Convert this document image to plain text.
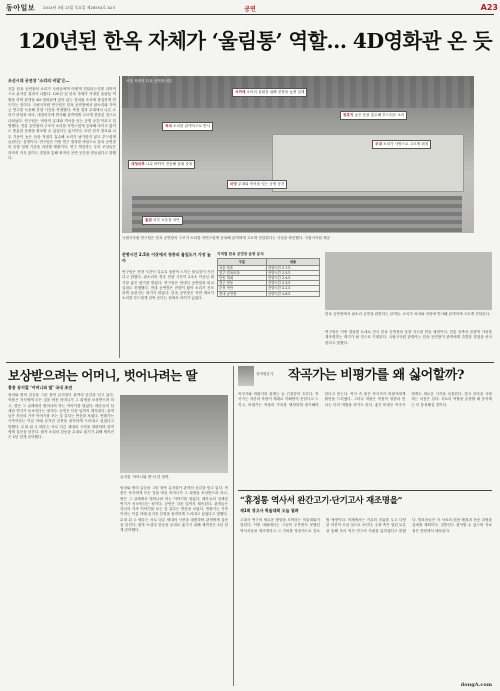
동아일보 2014년 3월 13일 목요일 제28554호 A23	공연	A23
120년된 한옥 자체가 ‘울림통’ 역할… 4D영화관 온 듯
조선시대 공연장 ‘소리의 비밀’은…
전통 한옥 공연장의 소리가 사람들에게 어떻게 전달되는지를 과학적으로 분석한 결과가 나왔다. 120년 된 한옥 자체가 거대한 울림통 역할을 하며 관객을 4D 영화관에 앉아 있는 것처럼 소리에 몰입하게 만든다는 것이다. 국립국악원 연구팀은 한옥 공연장에서 판소리와 가야금 연주를 녹음해 잔향 시간을 측정했다. 측정 결과 무대에서 나온 소리가 마당과 처마, 대청마루에 반사돼 관객에게 고르게 전달된 것으로 나타났다. 연구팀은 ‘마당이 무대와 객석을 잇는 공명 공간’이라고 설명했다. 전통 공연장의 구조가 소리를 자연스럽게 증폭해 마이크 없이도 충분한 음량을 확보할 수 있었다는 분석이다. 또한 한지 창호와 나무 기둥이 높은 음을 적절히 흡수해 소리가 날카롭지 않고 부드럽게 들린다는 설명이다. 연구팀은 이번 연구 결과를 바탕으로 한옥 공연장의 음향 설계 기준을 마련할 계획이다. 연구 책임자는 우리 조상들은 과학적 지식 없이도 경험을 통해 최적의 공연 공간을 만들었다고 말했다.
서울 북촌의 한옥 공연장 내부
서까래 소리의 울림을 위해 천장을 높게 설계
창호지 높은 음을 흡수해 부드러운 소리
처마 소리를 관객석으로 반사
대청마루 나무 바닥이 진동해 울림 증폭
마당 무대와 객석을 잇는 공명 공간
무대 소리가 사방으로 고르게 퍼짐
돌담 외부 소음을 차단
국립국악원 연구팀은 한옥 공연장의 구조가 소리를 자연스럽게 증폭해 관객에게 고르게 전달한다는 사실을 확인했다. 국립국악원 제공
잔향시간 2.5초 이상에서 청중의 몰입도가 가장 높아
연구팀은 잔향 시간이 길수록 청중이 느끼는 몰입감이 커진다고 밝혔다. 판소리의 경우 잔향 시간이 2.5초 이상일 때 가장 좋은 평가를 받았다. 연구팀은 현대식 공연장과 비교 실험도 진행했다. 현대 공연장은 잔향이 짧아 소리가 건조하게 들린다는 평가가 많았다. 한옥 공연장은 자연 재료가 소리를 부드럽게 감싸 준다는 점에서 차이가 있었다.
지역별 한옥 공연장 음향 분석
구분	내용
서울 북촌	잔향시간 2.7초
전주 한옥마을	잔향시간 2.5초
안동 하회	잔향시간 2.4초
경주 양동	잔향시간 2.3초
순천 낙안	잔향시간 2.2초
현대 공연장	잔향시간 1.6초
한옥 공연장에서 판소리 공연을 관람하는 관객들. 소리가 처마와 마당에 반사돼 관객석에 고르게 전달된다.
연구팀은 이번 결과를 토대로 전국 한옥 공연장의 음향 지도를 만들 예정이다. 전통 건축의 음향적 가치를 재조명하는 계기가 될 것으로 기대된다. 국립국악원 관계자는 한옥 공연장이 관객에게 특별한 경험을 선사한다고 말했다.
보상받으려는 어머니, 벗어나려는 딸
홍콩 뮤지컬 ‘어머니와 딸’ 국내 초연
엄마와 딸의 갈등을 그린 창작 뮤지컬이 관객의 공감을 얻고 있다. 작품은 자식에게 모든 것을 바친 어머니가 그 희생을 보상받으려 하고, 딸은 그 굴레에서 벗어나려 하는 이야기를 담았다. 배우들의 섬세한 연기가 돋보인다는 평가다. 공연은 다음 달까지 계속된다. 관객들은 자신의 가족 이야기를 보는 것 같다는 반응을 보였다. 연출가는 가족이라는 이름 아래 숨겨진 감정을 솔직하게 드러내고 싶었다고 말했다. 무대 위 두 배우는 서로 다른 세대의 시선을 대변하며 관객에게 질문을 던진다. 원작 소설의 감동을 무대로 옮기기 위해 제작진은 2년 넘게 준비했다.
뮤지컬 ‘어머니와 딸’의 한 장면.
엄마와 딸의 갈등을 그린 창작 뮤지컬이 관객의 공감을 얻고 있다. 작품은 자식에게 모든 것을 바친 어머니가 그 희생을 보상받으려 하고, 딸은 그 굴레에서 벗어나려 하는 이야기를 담았다. 배우들의 섬세한 연기가 돋보인다는 평가다. 공연은 다음 달까지 계속된다. 관객들은 자신의 가족 이야기를 보는 것 같다는 반응을 보였다. 연출가는 가족이라는 이름 아래 숨겨진 감정을 솔직하게 드러내고 싶었다고 말했다. 무대 위 두 배우는 서로 다른 세대의 시선을 대변하며 관객에게 질문을 던진다. 원작 소설의 감동을 무대로 옮기기 위해 제작진은 2년 넘게 준비했다.
음악평론가 작곡가는 비평가를 왜 싫어할까?
작곡가와 비평가의 관계는 늘 긴장감이 흐른다. 작곡가는 자신의 작품이 제대로 이해받지 못한다고 느끼고, 비평가는 작품의 가치를 냉정하게 평가해야 한다고 믿는다. 역사 속 많은 작곡가가 비평가에게 불만을 드러냈다. 그러나 비평은 작품이 청중과 만나는 다리 역할을 하기도 한다. 좋은 비평은 작곡가에게도 새로운 시각을 선물한다. 결국 음악을 사랑하는 마음은 같다. 서로의 역할을 존중할 때 음악계는 더 풍성해질 것이다.
“휴정통 역사서 완간고기·단기고사 재조명을”
제1회 장고사 학술대회 오늘 열려
고대사 연구의 새로운 방향을 모색하는 학술대회가 열린다. 이번 대회에서는 그동안 주목받지 못했던 역사서들을 재조명하고 그 가치를 학술적으로 검토할 예정이다. 학계에서는 기록의 진위를 두고 다양한 의견이 오갈 것으로 보인다. 주최 측은 열린 토론을 통해 우리 역사 연구의 지평을 넓히겠다고 밝혔다. 발표자들은 각 사료의 편찬 배경과 전승 과정을 살펴볼 계획이다. 일반인도 참석할 수 있으며 자료집은 현장에서 배포된다.
dongA.com
